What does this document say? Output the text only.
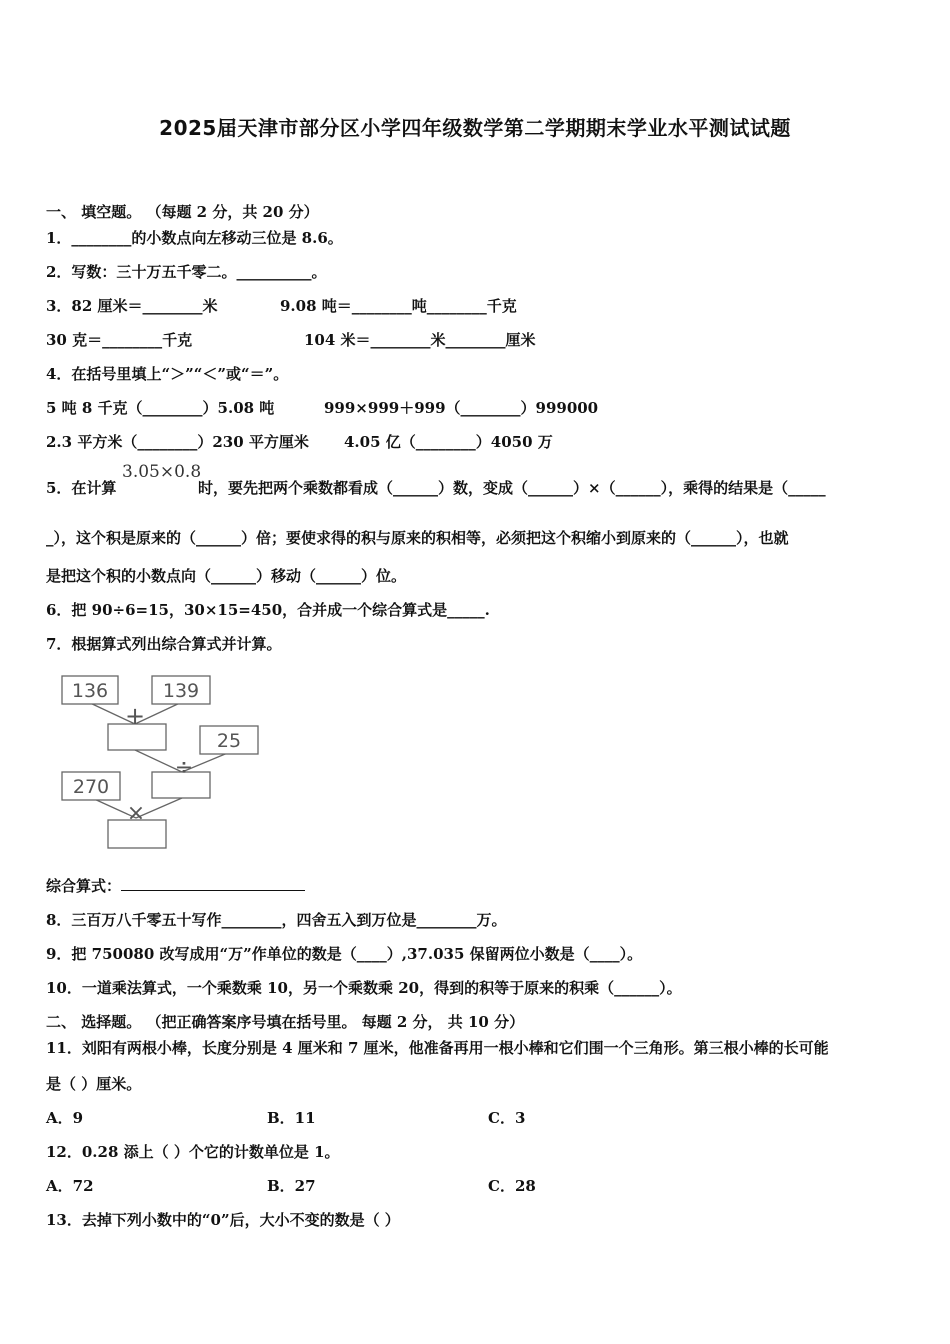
2025届天津市部分区小学四年级数学第二学期期末学业水平测试试题
一、 填空题。 （每题 2 分，共 20 分）
1．________的小数点向左移动三位是 8.6。
2．写数：三十万五千零二。__________。
3．82 厘米＝________米	9.08 吨＝________吨________千克
30 克＝________千克	104 米＝________米________厘米
4．在括号里填上“＞”“＜”或“＝”。
5 吨 8 千克（________）5.08 吨	999×999＋999（________）999000
2.3 平方米（________）230 平方厘米 4.05 亿（________）4050 万
5．在计算
3.05×0.8
时，要先把两个乘数都看成（______）数，变成（______）×（______），乘得的结果是（_____
_），这个积是原来的（______）倍；要使求得的积与原来的积相等，必须把这个积缩小到原来的（______），也就
是把这个积的小数点向（______）移动（______）位。
6．把 90÷6=15，30×15=450，合并成一个综合算式是_____.
7．根据算式列出综合算式并计算。
136	139
+
25
÷
270
×
综合算式：
8．三百万八千零五十写作________，四舍五入到万位是________万。
9．把 750080 改写成用“万”作单位的数是（____）,37.035 保留两位小数是（____）。
10．一道乘法算式，一个乘数乘 10，另一个乘数乘 20，得到的积等于原来的积乘（______）。
二、 选择题。 （把正确答案序号填在括号里。 每题 2 分， 共 10 分）
11．刘阳有两根小棒，长度分别是 4 厘米和 7 厘米，他准备再用一根小棒和它们围一个三角形。第三根小棒的长可能
是（ ）厘米。
A．9	B．11	C．3
12．0.28 添上（ ）个它的计数单位是 1。
A．72	B．27	C．28
13．去掉下列小数中的“0”后，大小不变的数是（ ）
